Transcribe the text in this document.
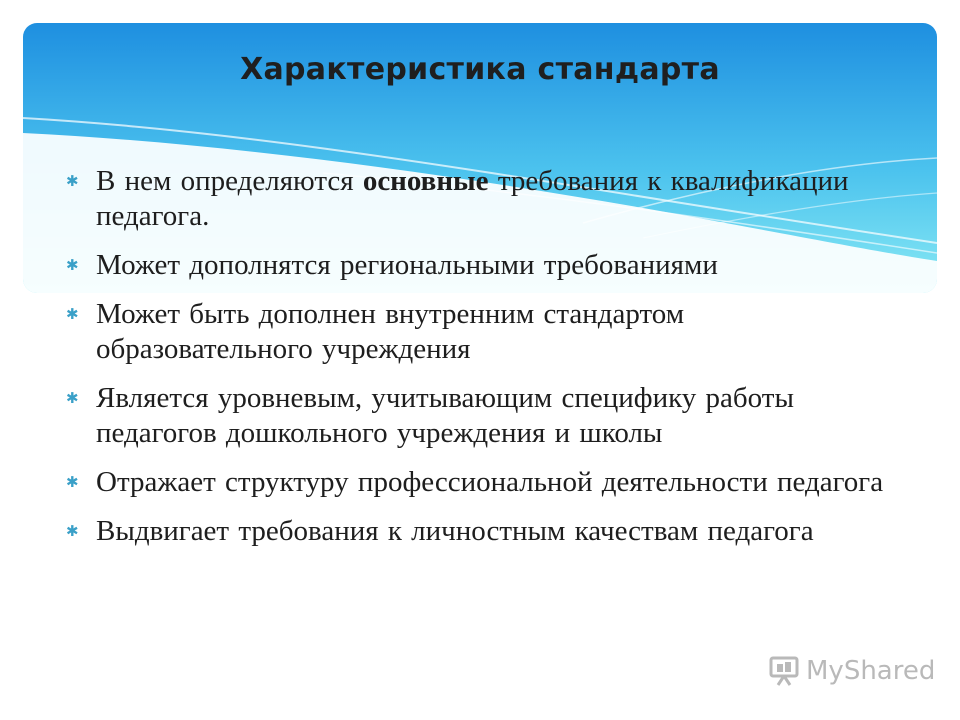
Характеристика стандарта
✱ В нем определяются основные требования к квалификации педагога.
✱ Может дополнятся региональными требованиями
✱ Может быть дополнен внутренним стандартом образовательного учреждения
✱ Является уровневым, учитывающим специфику работы педагогов дошкольного учреждения и школы
✱ Отражает структуру профессиональной деятельности педагога
✱ Выдвигает требования к личностным качествам педагога
MyShared
